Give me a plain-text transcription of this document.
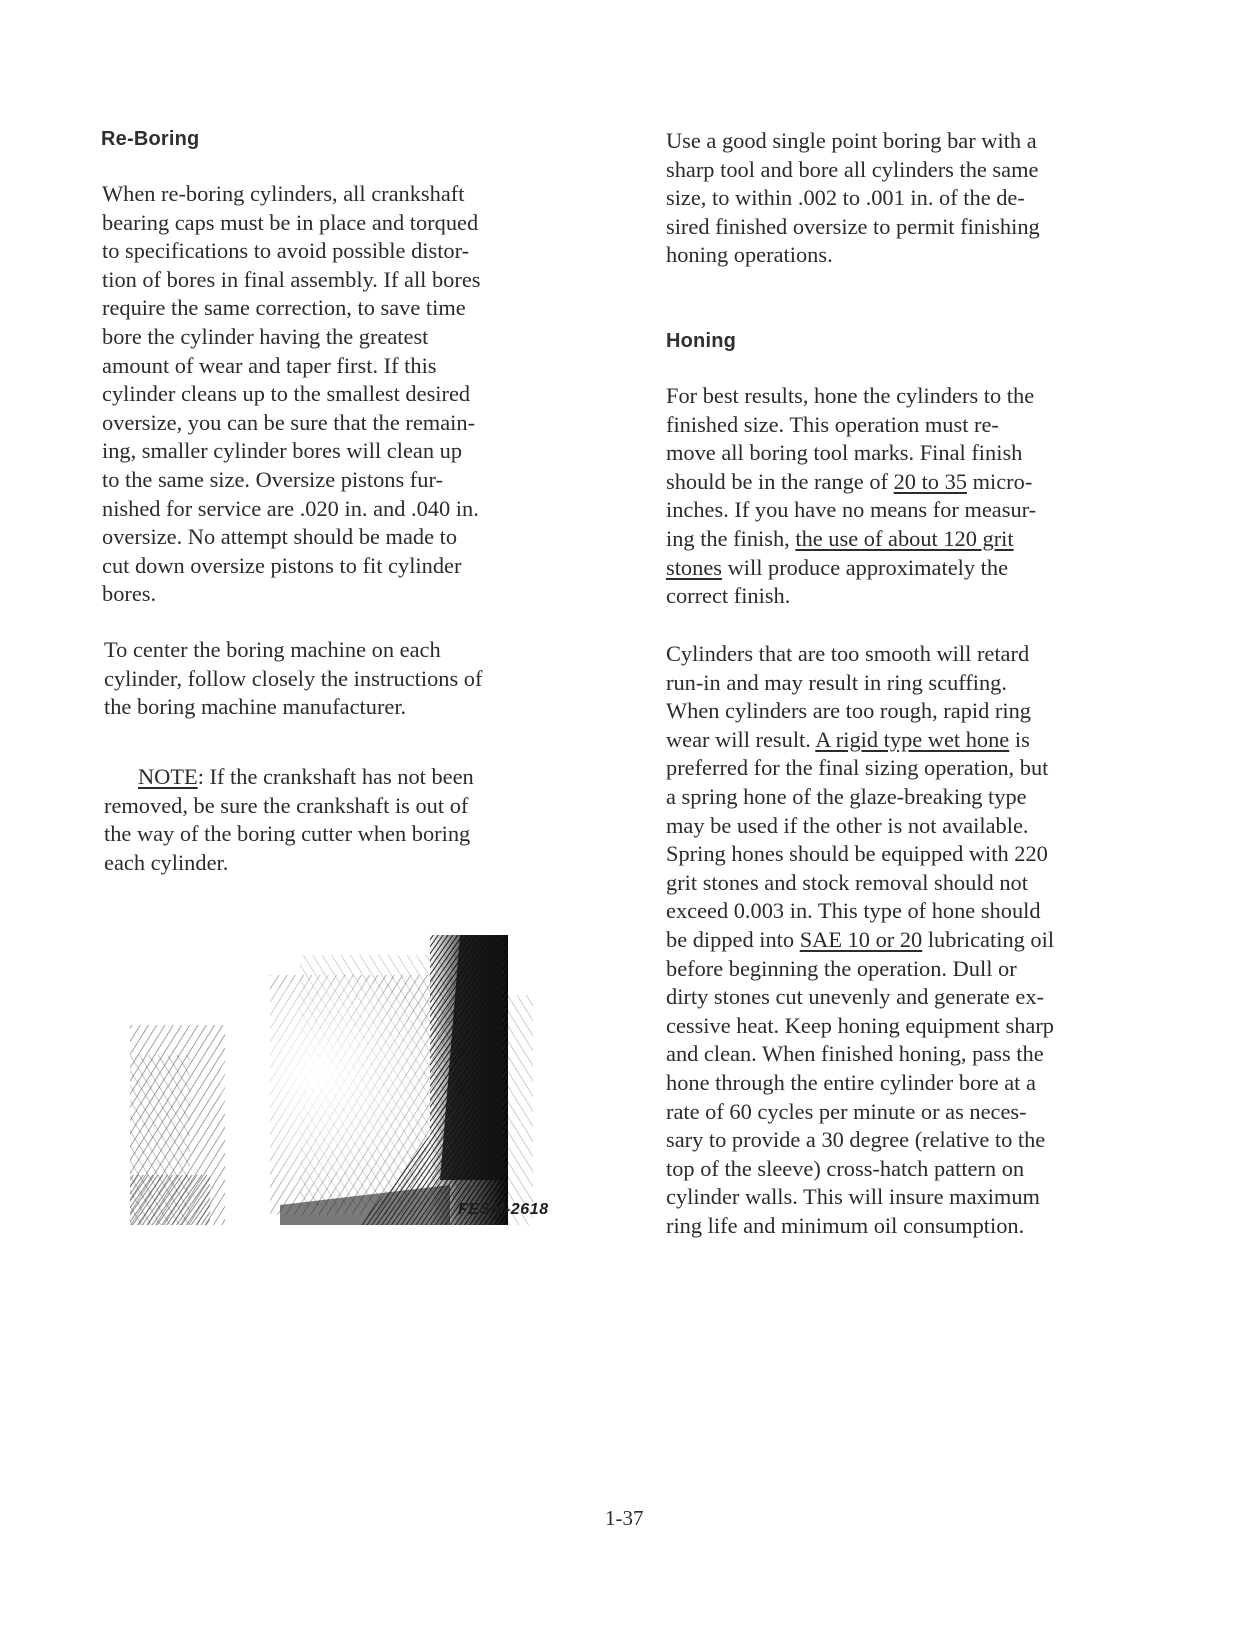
Re-Boring

When re-boring cylinders, all crankshaft
bearing caps must be in place and torqued
to specifications to avoid possible distor-
tion of bores in final assembly. If all bores
require the same correction, to save time
bore the cylinder having the greatest
amount of wear and taper first. If this
cylinder cleans up to the smallest desired
oversize, you can be sure that the remain-
ing, smaller cylinder bores will clean up
to the same size. Oversize pistons fur-
nished for service are .020 in. and .040 in.
oversize. No attempt should be made to
cut down oversize pistons to fit cylinder
bores.

To center the boring machine on each
cylinder, follow closely the instructions of
the boring machine manufacturer.

NOTE: If the crankshaft has not been
removed, be sure the crankshaft is out of
the way of the boring cutter when boring
each cylinder.

FESM-2618

Use a good single point boring bar with a
sharp tool and bore all cylinders the same
size, to within .002 to .001 in. of the de-
sired finished oversize to permit finishing
honing operations.

Honing

For best results, hone the cylinders to the
finished size. This operation must re-
move all boring tool marks. Final finish
should be in the range of 20 to 35 micro-
inches. If you have no means for measur-
ing the finish, the use of about 120 grit
stones will produce approximately the
correct finish.

Cylinders that are too smooth will retard
run-in and may result in ring scuffing.
When cylinders are too rough, rapid ring
wear will result. A rigid type wet hone is
preferred for the final sizing operation, but
a spring hone of the glaze-breaking type
may be used if the other is not available.
Spring hones should be equipped with 220
grit stones and stock removal should not
exceed 0.003 in. This type of hone should
be dipped into SAE 10 or 20 lubricating oil
before beginning the operation. Dull or
dirty stones cut unevenly and generate ex-
cessive heat. Keep honing equipment sharp
and clean. When finished honing, pass the
hone through the entire cylinder bore at a
rate of 60 cycles per minute or as neces-
sary to provide a 30 degree (relative to the
top of the sleeve) cross-hatch pattern on
cylinder walls. This will insure maximum
ring life and minimum oil consumption.

1-37
